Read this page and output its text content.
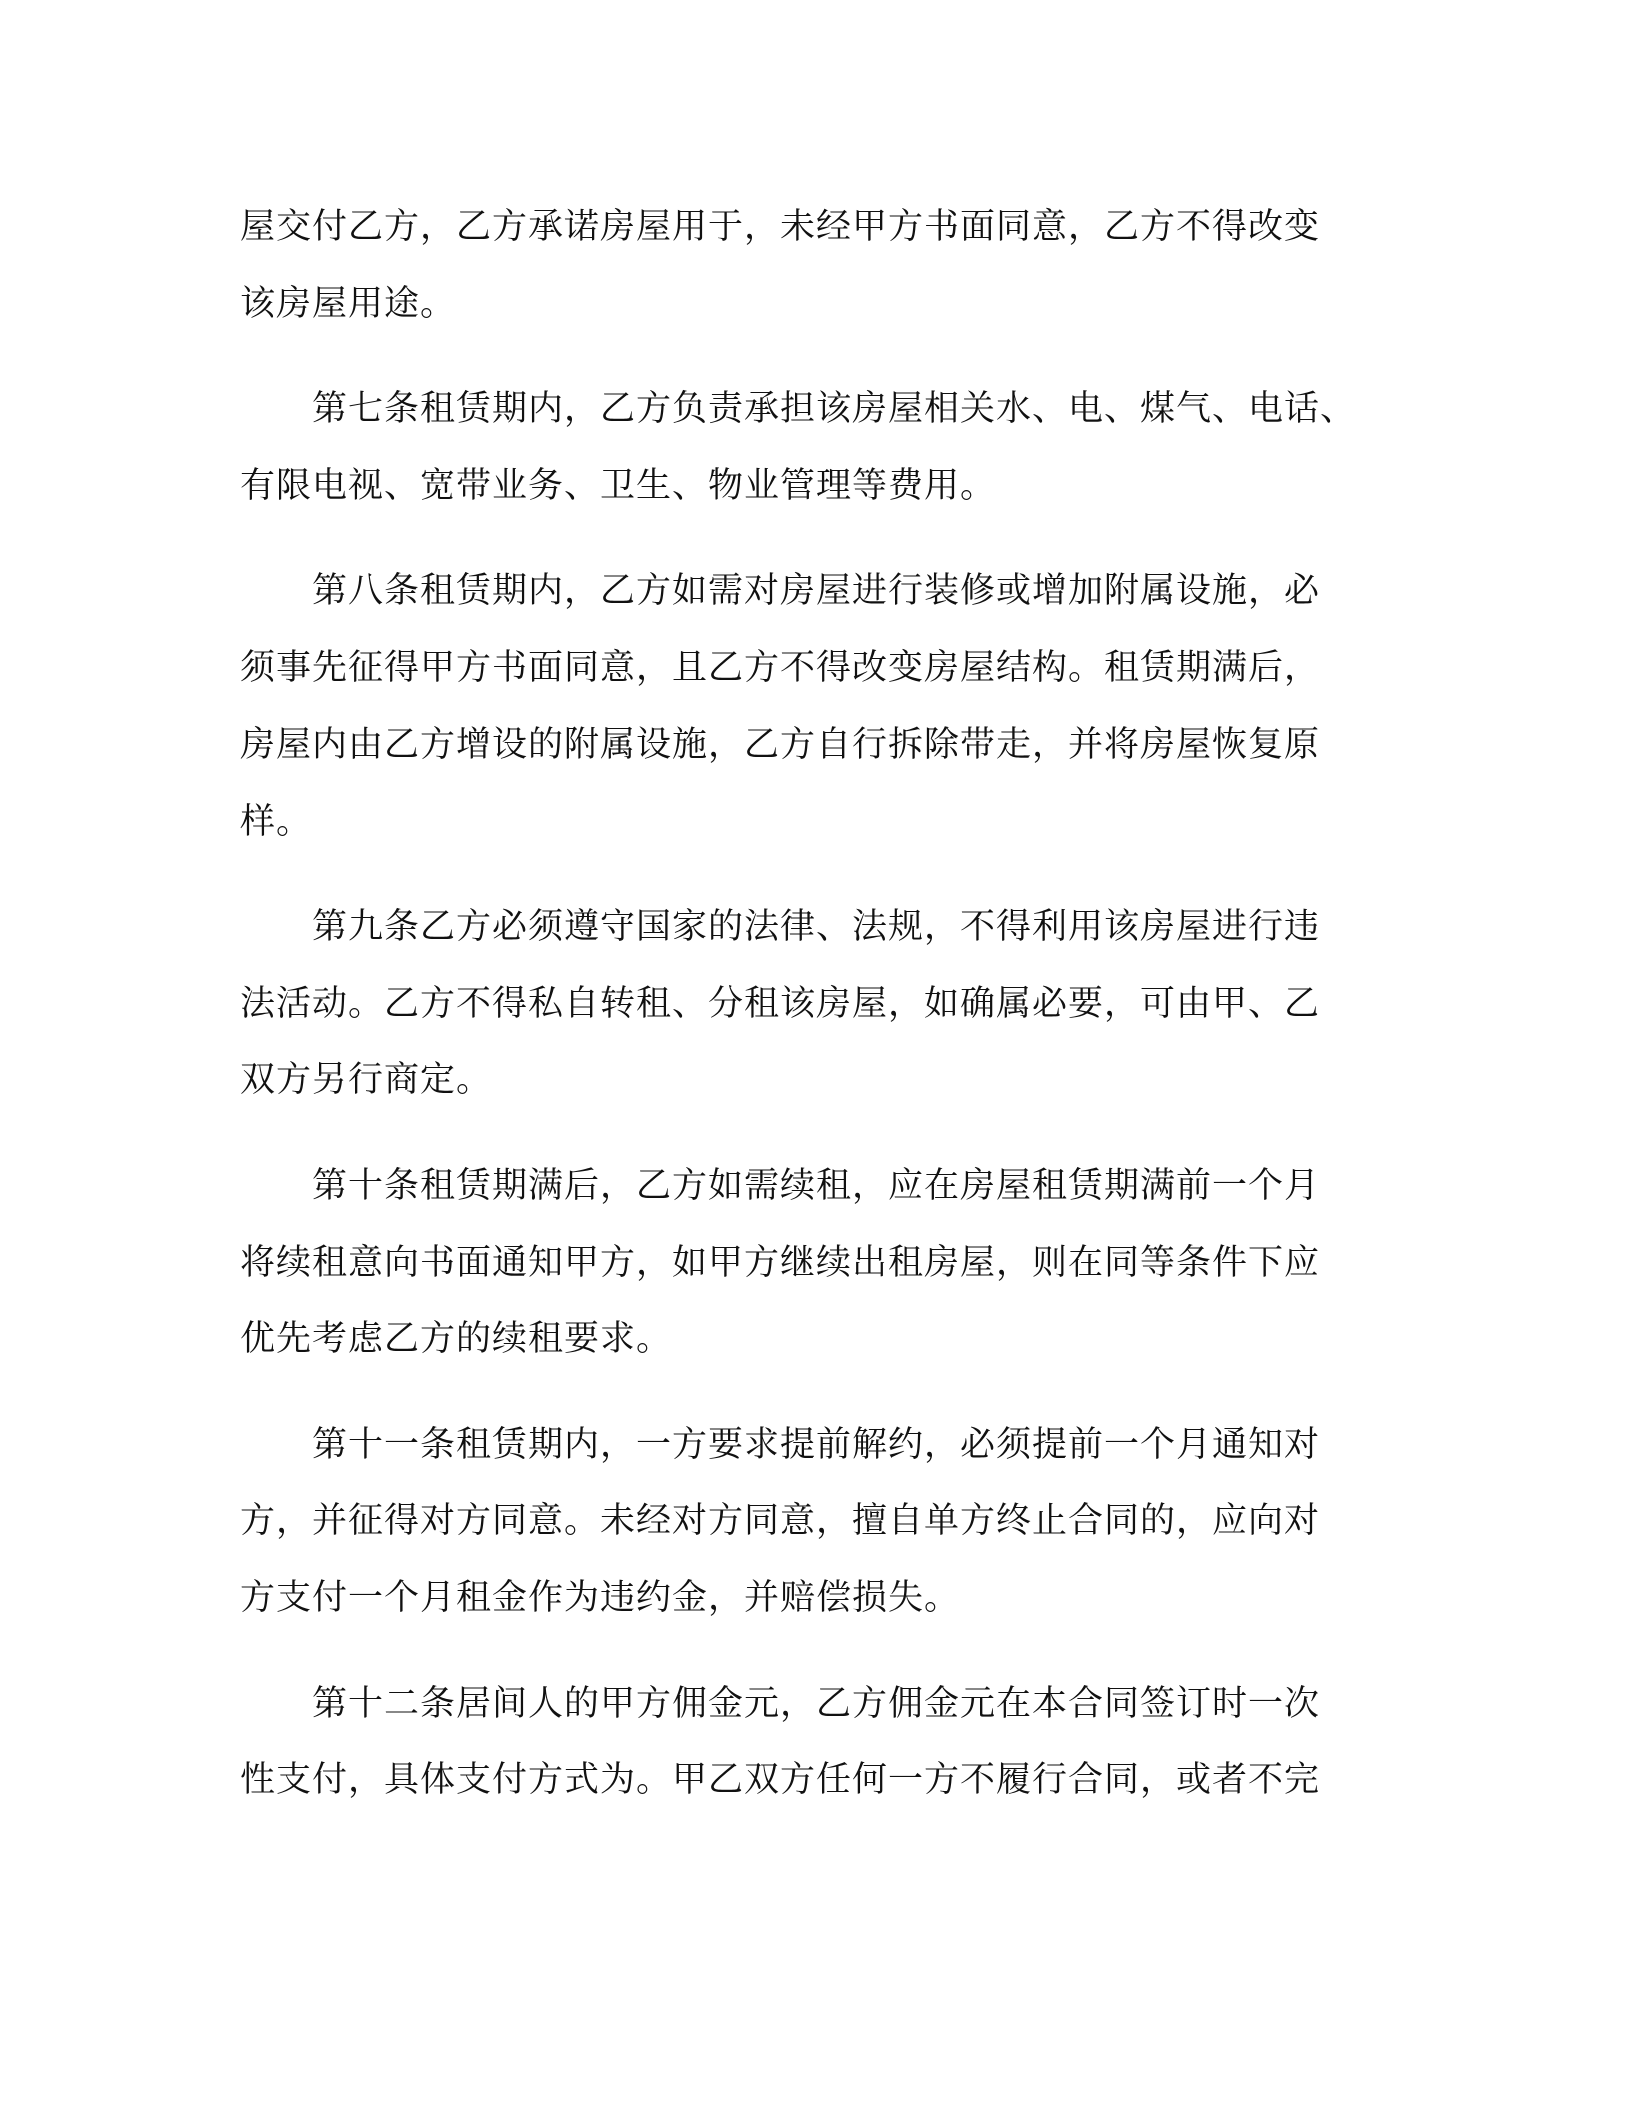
屋交付乙方，乙方承诺房屋用于，未经甲方书面同意，乙方不得改变
该房屋用途。

　　第七条租赁期内，乙方负责承担该房屋相关水、电、煤气、电话、
有限电视、宽带业务、卫生、物业管理等费用。

　　第八条租赁期内，乙方如需对房屋进行装修或增加附属设施，必
须事先征得甲方书面同意，且乙方不得改变房屋结构。租赁期满后，
房屋内由乙方增设的附属设施，乙方自行拆除带走，并将房屋恢复原
样。

　　第九条乙方必须遵守国家的法律、法规，不得利用该房屋进行违
法活动。乙方不得私自转租、分租该房屋，如确属必要，可由甲、乙
双方另行商定。

　　第十条租赁期满后，乙方如需续租，应在房屋租赁期满前一个月
将续租意向书面通知甲方，如甲方继续出租房屋，则在同等条件下应
优先考虑乙方的续租要求。

　　第十一条租赁期内，一方要求提前解约，必须提前一个月通知对
方，并征得对方同意。未经对方同意，擅自单方终止合同的，应向对
方支付一个月租金作为违约金，并赔偿损失。

　　第十二条居间人的甲方佣金元，乙方佣金元在本合同签订时一次
性支付，具体支付方式为。甲乙双方任何一方不履行合同，或者不完
